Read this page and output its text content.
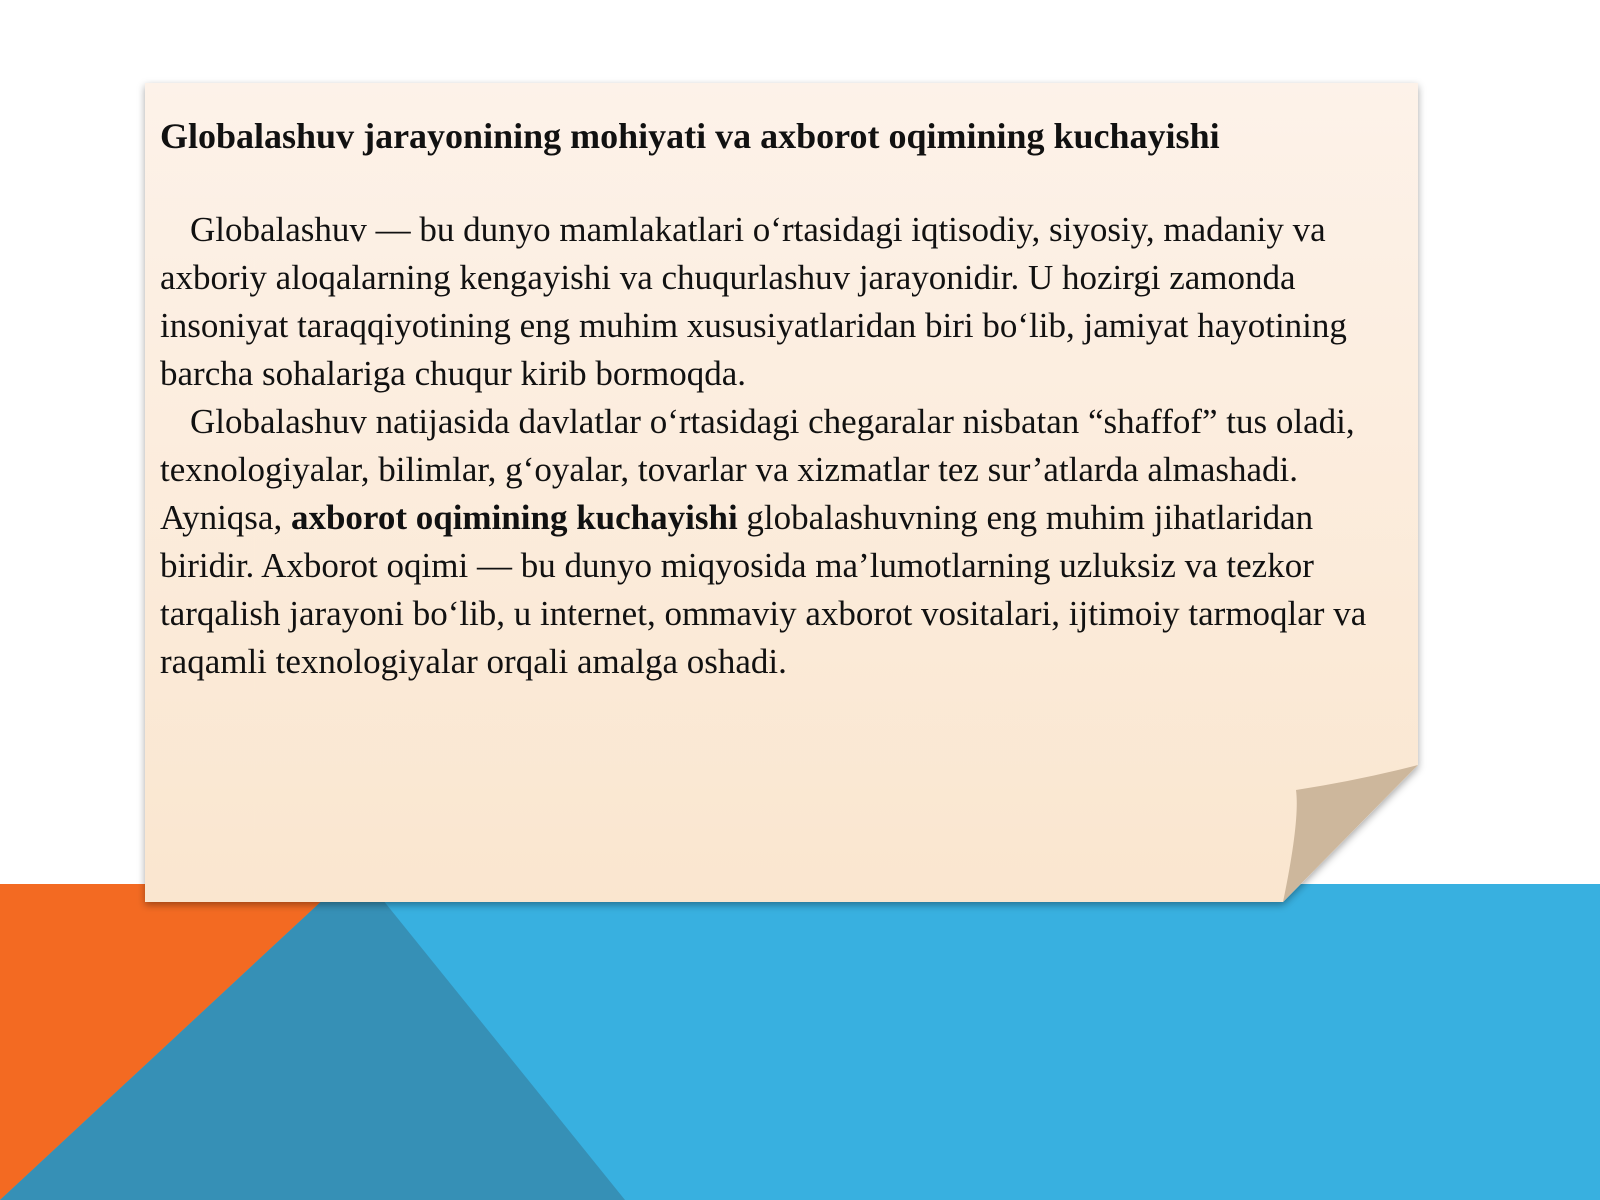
Globalashuv jarayonining mohiyati va axborot oqimining kuchayishi

Globalashuv — bu dunyo mamlakatlari o‘rtasidagi iqtisodiy, siyosiy, madaniy va axboriy aloqalarning kengayishi va chuqurlashuv jarayonidir. U hozirgi zamonda insoniyat taraqqiyotining eng muhim xususiyatlaridan biri bo‘lib, jamiyat hayotining barcha sohalariga chuqur kirib bormoqda.

Globalashuv natijasida davlatlar o‘rtasidagi chegaralar nisbatan “shaffof” tus oladi, texnologiyalar, bilimlar, g‘oyalar, tovarlar va xizmatlar tez sur’atlarda almashadi. Ayniqsa, axborot oqimining kuchayishi globalashuvning eng muhim jihatlaridan biridir. Axborot oqimi — bu dunyo miqyosida ma’lumotlarning uzluksiz va tezkor tarqalish jarayoni bo‘lib, u internet, ommaviy axborot vositalari, ijtimoiy tarmoqlar va raqamli texnologiyalar orqali amalga oshadi.
